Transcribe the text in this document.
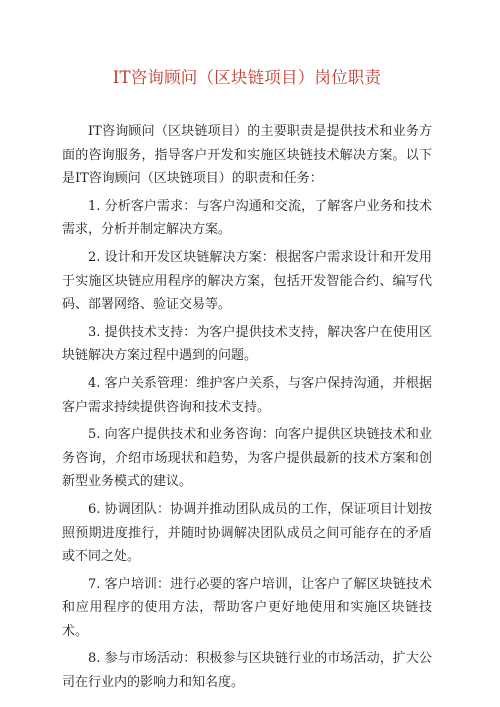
IT咨询顾问（区块链项目）岗位职责

IT咨询顾问（区块链项目）的主要职责是提供技术和业务方面的咨询服务，指导客户开发和实施区块链技术解决方案。以下是IT咨询顾问（区块链项目）的职责和任务：

1. 分析客户需求：与客户沟通和交流，了解客户业务和技术需求，分析并制定解决方案。

2. 设计和开发区块链解决方案：根据客户需求设计和开发用于实施区块链应用程序的解决方案，包括开发智能合约、编写代码、部署网络、验证交易等。

3. 提供技术支持：为客户提供技术支持，解决客户在使用区块链解决方案过程中遇到的问题。

4. 客户关系管理：维护客户关系，与客户保持沟通，并根据客户需求持续提供咨询和技术支持。

5. 向客户提供技术和业务咨询：向客户提供区块链技术和业务咨询，介绍市场现状和趋势，为客户提供最新的技术方案和创新型业务模式的建议。

6. 协调团队：协调并推动团队成员的工作，保证项目计划按照预期进度推行，并随时协调解决团队成员之间可能存在的矛盾或不同之处。

7. 客户培训：进行必要的客户培训，让客户了解区块链技术和应用程序的使用方法，帮助客户更好地使用和实施区块链技术。

8. 参与市场活动：积极参与区块链行业的市场活动，扩大公司在行业内的影响力和知名度。
